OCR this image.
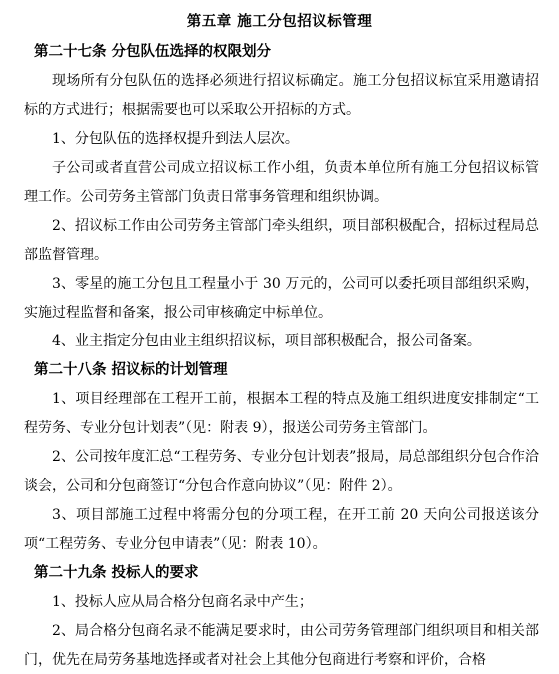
第五章 施工分包招议标管理
第二十七条 分包队伍选择的权限划分
现场所有分包队伍的选择必须进行招议标确定。施工分包招议标宜采用邀请招标的方式进行；根据需要也可以采取公开招标的方式。
1、分包队伍的选择权提升到法人层次。
子公司或者直营公司成立招议标工作小组，负责本单位所有施工分包招议标管理工作。公司劳务主管部门负责日常事务管理和组织协调。
2、招议标工作由公司劳务主管部门牵头组织，项目部积极配合，招标过程局总部监督管理。
3、零星的施工分包且工程量小于 30 万元的，公司可以委托项目部组织采购，实施过程监督和备案，报公司审核确定中标单位。
4、业主指定分包由业主组织招议标，项目部积极配合，报公司备案。
第二十八条 招议标的计划管理
1、项目经理部在工程开工前，根据本工程的特点及施工组织进度安排制定“工程劳务、专业分包计划表”（见：附表 9），报送公司劳务主管部门。
2、公司按年度汇总“工程劳务、专业分包计划表”报局，局总部组织分包合作洽谈会，公司和分包商签订“分包合作意向协议”（见：附件 2）。
3、项目部施工过程中将需分包的分项工程，在开工前 20 天向公司报送该分项“工程劳务、专业分包申请表”（见：附表 10）。
第二十九条 投标人的要求
1、投标人应从局合格分包商名录中产生；
2、局合格分包商名录不能满足要求时，由公司劳务管理部门组织项目和相关部门，优先在局劳务基地选择或者对社会上其他分包商进行考察和评价，合格
